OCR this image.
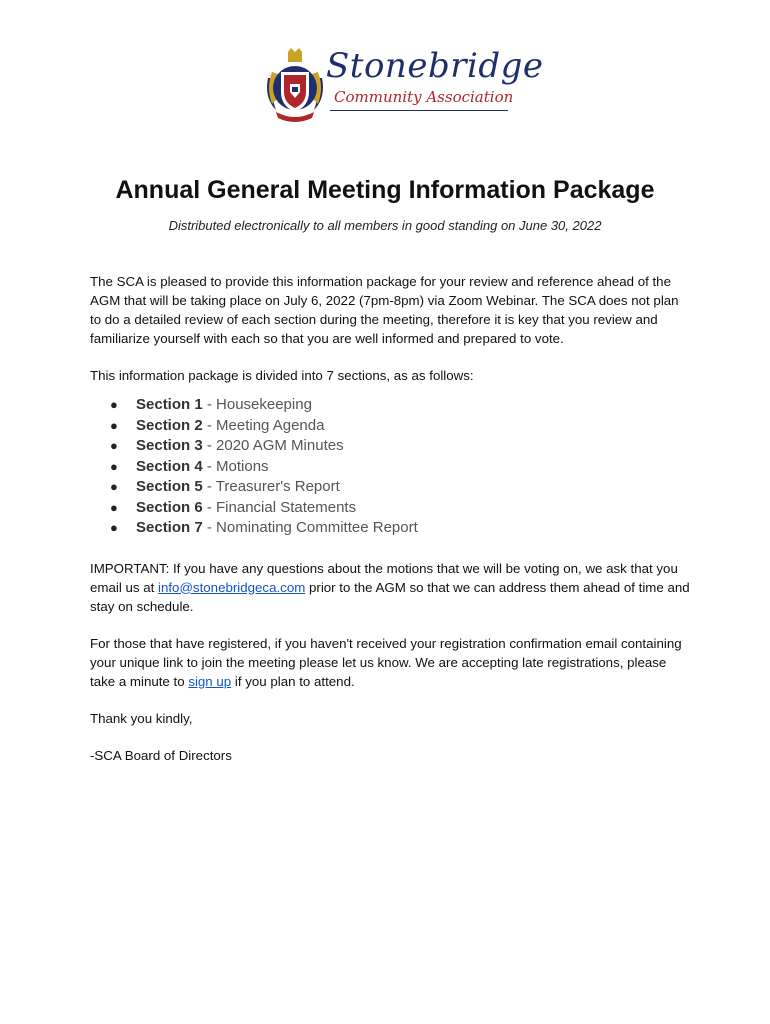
Stonebridge
Community Association
Annual General Meeting Information Package
Distributed electronically to all members in good standing on June 30, 2022

The SCA is pleased to provide this information package for your review and reference ahead of the AGM that will be taking place on July 6, 2022 (7pm-8pm) via Zoom Webinar. The SCA does not plan to do a detailed review of each section during the meeting, therefore it is key that you review and familiarize yourself with each so that you are well informed and prepared to vote.

This information package is divided into 7 sections, as as follows:

● Section 1 - Housekeeping
● Section 2 - Meeting Agenda
● Section 3 - 2020 AGM Minutes
● Section 4 - Motions
● Section 5 - Treasurer's Report
● Section 6 - Financial Statements
● Section 7 - Nominating Committee Report

IMPORTANT: If you have any questions about the motions that we will be voting on, we ask that you email us at info@stonebridgeca.com prior to the AGM so that we can address them ahead of time and stay on schedule.

For those that have registered, if you haven't received your registration confirmation email containing your unique link to join the meeting please let us know. We are accepting late registrations, please take a minute to sign up if you plan to attend.

Thank you kindly,

-SCA Board of Directors
